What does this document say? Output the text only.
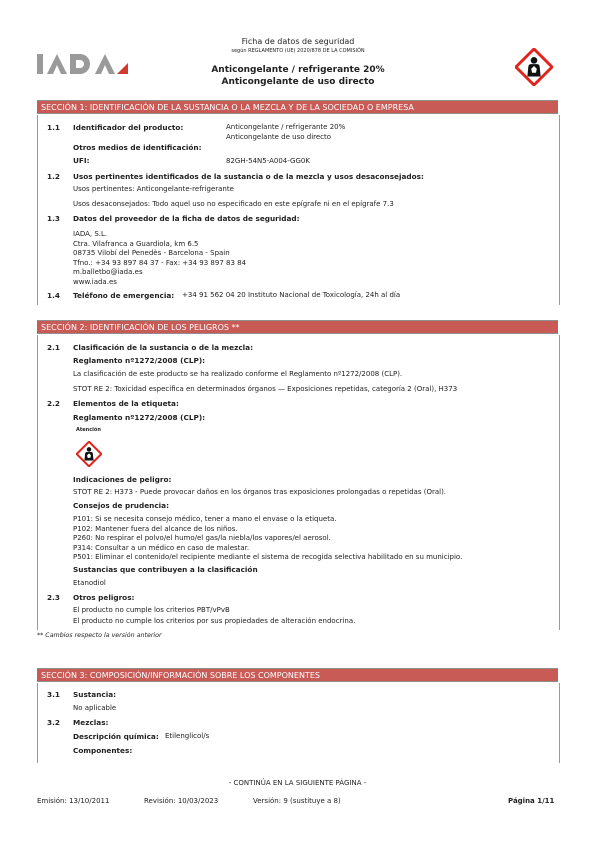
Ficha de datos de seguridad
según REGLAMENTO (UE) 2020/878 DE LA COMISIÓN
Anticongelante / refrigerante 20%
Anticongelante de uso directo
SECCIÓN 1: IDENTIFICACIÓN DE LA SUSTANCIA O LA MEZCLA Y DE LA SOCIEDAD O EMPRESA
1.1 Identificador del producto:	Anticongelante / refrigerante 20%
Anticongelante de uso directo
Otros medios de identificación:
UFI:	82GH-54N5-A004-GG0K
1.2 Usos pertinentes identificados de la sustancia o de la mezcla y usos desaconsejados:
Usos pertinentes: Anticongelante-refrigerante
Usos desaconsejados: Todo aquel uso no especificado en este epígrafe ni en el epígrafe 7.3
1.3 Datos del proveedor de la ficha de datos de seguridad:
IADA, S.L.
Ctra. Vilafranca a Guardiola, km 6.5
08735 Vilobí del Penedès - Barcelona - Spain
Tfno.: +34 93 897 84 37 - Fax: +34 93 897 83 84
m.balletbo@iada.es
www.iada.es
1.4 Teléfono de emergencia: +34 91 562 04 20 Instituto Nacional de Toxicología, 24h al día
SECCIÓN 2: IDENTIFICACIÓN DE LOS PELIGROS **
2.1 Clasificación de la sustancia o de la mezcla:
Reglamento nº1272/2008 (CLP):
La clasificación de este producto se ha realizado conforme el Reglamento nº1272/2008 (CLP).
STOT RE 2: Toxicidad específica en determinados órganos — Exposiciones repetidas, categoría 2 (Oral), H373
2.2 Elementos de la etiqueta:
Reglamento nº1272/2008 (CLP):
Atención
Indicaciones de peligro:
STOT RE 2: H373 - Puede provocar daños en los órganos tras exposiciones prolongadas o repetidas (Oral).
Consejos de prudencia:
P101: Si se necesita consejo médico, tener a mano el envase o la etiqueta.
P102: Mantener fuera del alcance de los niños.
P260: No respirar el polvo/el humo/el gas/la niebla/los vapores/el aerosol.
P314: Consultar a un médico en caso de malestar.
P501: Eliminar el contenido/el recipiente mediante el sistema de recogida selectiva habilitado en su municipio.
Sustancias que contribuyen a la clasificación
Etanodiol
2.3 Otros peligros:
El producto no cumple los criterios PBT/vPvB
El producto no cumple los criterios por sus propiedades de alteración endocrina.
** Cambios respecto la versión anterior
SECCIÓN 3: COMPOSICIÓN/INFORMACIÓN SOBRE LOS COMPONENTES
3.1 Sustancia:
No aplicable
3.2 Mezclas:
Descripción química: Etilenglicol/s
Componentes:
- CONTINÚA EN LA SIGUIENTE PÁGINA -
Emisión: 13/10/2011	Revisión: 10/03/2023	Versión: 9 (sustituye a 8)	Página 1/11
